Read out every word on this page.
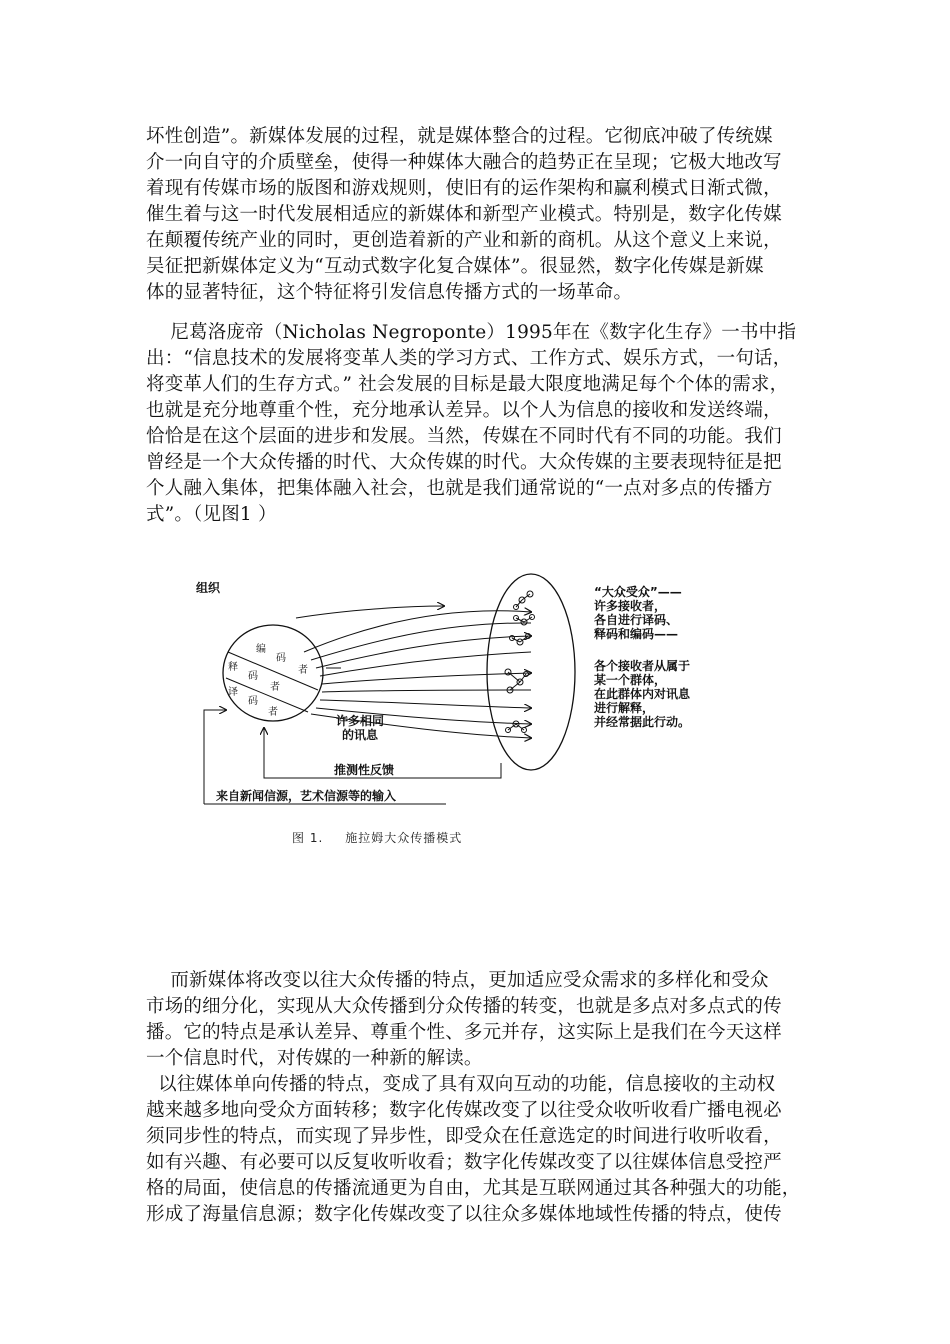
坏性创造”。新媒体发展的过程，就是媒体整合的过程。它彻底冲破了传统媒
介一向自守的介质壁垒，使得一种媒体大融合的趋势正在呈现；它极大地改写
着现有传媒市场的版图和游戏规则，使旧有的运作架构和赢利模式日渐式微，
催生着与这一时代发展相适应的新媒体和新型产业模式。特别是，数字化传媒
在颠覆传统产业的同时，更创造着新的产业和新的商机。从这个意义上来说，
吴征把新媒体定义为“互动式数字化复合媒体”。很显然，数字化传媒是新媒
体的显著特征，这个特征将引发信息传播方式的一场革命。
尼葛洛庞帝（Nicholas Negroponte）1995年在《数字化生存》一书中指
出：“信息技术的发展将变革人类的学习方式、工作方式、娱乐方式，一句话，
将变革人们的生存方式。” 社会发展的目标是最大限度地满足每个个体的需求，
也就是充分地尊重个性，充分地承认差异。以个人为信息的接收和发送终端，
恰恰是在这个层面的进步和发展。当然，传媒在不同时代有不同的功能。我们
曾经是一个大众传播的时代、大众传媒的时代。大众传媒的主要表现特征是把
个人融入集体，把集体融入社会，也就是我们通常说的“一点对多点的传播方
式”。（见图1 ）
组织
编
码
者
释
码
者
译
码
者
许多相同
的讯息
推测性反馈
来自新闻信源，艺术信源等的输入
“大众受众”——
许多接收者，
各自进行译码、
释码和编码——
各个接收者从属于
某一个群体，
在此群体内对讯息
进行解释，
并经常据此行动。
图 1. 施拉姆大众传播模式
而新媒体将改变以往大众传播的特点，更加适应受众需求的多样化和受众
市场的细分化，实现从大众传播到分众传播的转变，也就是多点对多点式的传
播。它的特点是承认差异、尊重个性、多元并存，这实际上是我们在今天这样
一个信息时代，对传媒的一种新的解读。
以往媒体单向传播的特点，变成了具有双向互动的功能，信息接收的主动权
越来越多地向受众方面转移；数字化传媒改变了以往受众收听收看广播电视必
须同步性的特点，而实现了异步性，即受众在任意选定的时间进行收听收看，
如有兴趣、有必要可以反复收听收看；数字化传媒改变了以往媒体信息受控严
格的局面，使信息的传播流通更为自由，尤其是互联网通过其各种强大的功能，
形成了海量信息源；数字化传媒改变了以往众多媒体地域性传播的特点，使传
